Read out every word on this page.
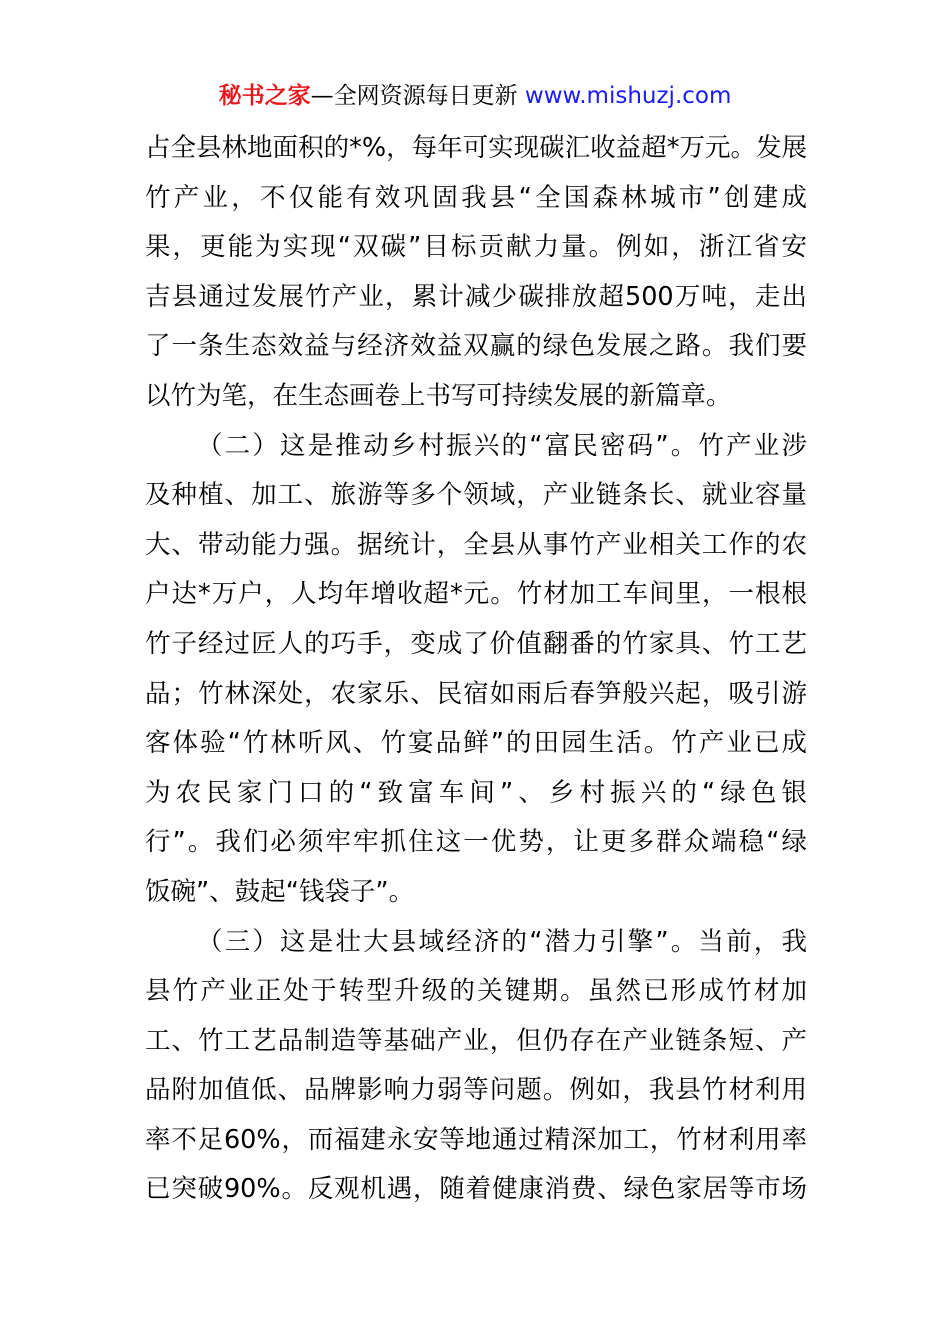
秘书之家—全网资源每日更新 www.mishuzj.com
占全县林地面积的*%，每年可实现碳汇收益超*万元。发展
竹产业，不仅能有效巩固我县“全国森林城市”创建成
果，更能为实现“双碳”目标贡献力量。例如，浙江省安
吉县通过发展竹产业，累计减少碳排放超500万吨，走出
了一条生态效益与经济效益双赢的绿色发展之路。我们要
以竹为笔，在生态画卷上书写可持续发展的新篇章。
（二）这是推动乡村振兴的“富民密码”。竹产业涉
及种植、加工、旅游等多个领域，产业链条长、就业容量
大、带动能力强。据统计，全县从事竹产业相关工作的农
户达*万户，人均年增收超*元。竹材加工车间里，一根根
竹子经过匠人的巧手，变成了价值翻番的竹家具、竹工艺
品；竹林深处，农家乐、民宿如雨后春笋般兴起，吸引游
客体验“竹林听风、竹宴品鲜”的田园生活。竹产业已成
为农民家门口的“致富车间”、乡村振兴的“绿色银
行”。我们必须牢牢抓住这一优势，让更多群众端稳“绿
饭碗”、鼓起“钱袋子”。
（三）这是壮大县域经济的“潜力引擎”。当前，我
县竹产业正处于转型升级的关键期。虽然已形成竹材加
工、竹工艺品制造等基础产业，但仍存在产业链条短、产
品附加值低、品牌影响力弱等问题。例如，我县竹材利用
率不足60%，而福建永安等地通过精深加工，竹材利用率
已突破90%。反观机遇，随着健康消费、绿色家居等市场
